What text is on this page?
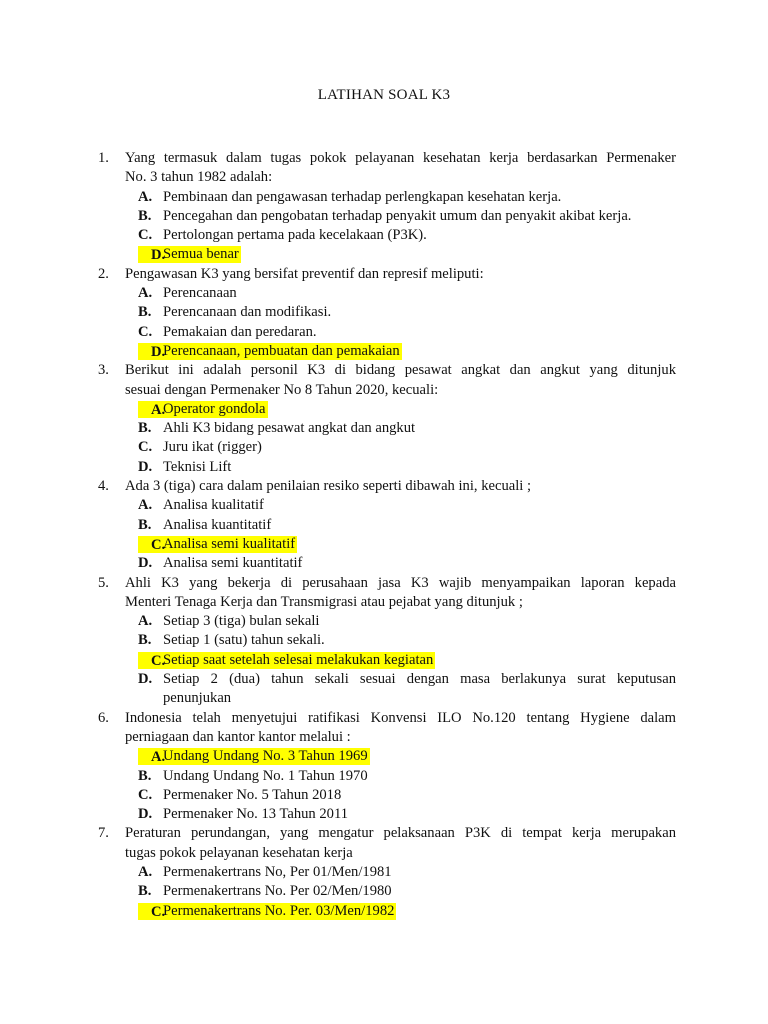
LATIHAN SOAL K3
1. Yang termasuk dalam tugas pokok pelayanan kesehatan kerja berdasarkan Permenaker
No. 3 tahun 1982 adalah:
A. Pembinaan dan pengawasan terhadap perlengkapan kesehatan kerja.
B. Pencegahan dan pengobatan terhadap penyakit umum dan penyakit akibat kerja.
C. Pertolongan pertama pada kecelakaan (P3K).
D.
Semua benar
2. Pengawasan K3 yang bersifat preventif dan represif meliputi:
A. Perencanaan
B. Perencanaan dan modifikasi.
C. Pemakaian dan peredaran.
D.
Perencanaan, pembuatan dan pemakaian
3. Berikut ini adalah personil K3 di bidang pesawat angkat dan angkut yang ditunjuk
sesuai dengan Permenaker No 8 Tahun 2020, kecuali:
A.
Operator gondola
B. Ahli K3 bidang pesawat angkat dan angkut
C. Juru ikat (rigger)
D. Teknisi Lift
4. Ada 3 (tiga) cara dalam penilaian resiko seperti dibawah ini, kecuali ;
A. Analisa kualitatif
B. Analisa kuantitatif
C.
Analisa semi kualitatif
D. Analisa semi kuantitatif
5. Ahli K3 yang bekerja di perusahaan jasa K3 wajib menyampaikan laporan kepada
Menteri Tenaga Kerja dan Transmigrasi atau pejabat yang ditunjuk ;
A. Setiap 3 (tiga) bulan sekali
B. Setiap 1 (satu) tahun sekali.
C.
Setiap saat setelah selesai melakukan kegiatan
D. Setiap 2 (dua) tahun sekali sesuai dengan masa berlakunya surat keputusan
penunjukan
6. Indonesia telah menyetujui ratifikasi Konvensi ILO No.120 tentang Hygiene dalam
perniagaan dan kantor kantor melalui :
A.
Undang Undang No. 3 Tahun 1969
B. Undang Undang No. 1 Tahun 1970
C. Permenaker No. 5 Tahun 2018
D. Permenaker No. 13 Tahun 2011
7. Peraturan perundangan, yang mengatur pelaksanaan P3K di tempat kerja merupakan
tugas pokok pelayanan kesehatan kerja
A. Permenakertrans No, Per 01/Men/1981
B. Permenakertrans No. Per 02/Men/1980
C.
Permenakertrans No. Per. 03/Men/1982
